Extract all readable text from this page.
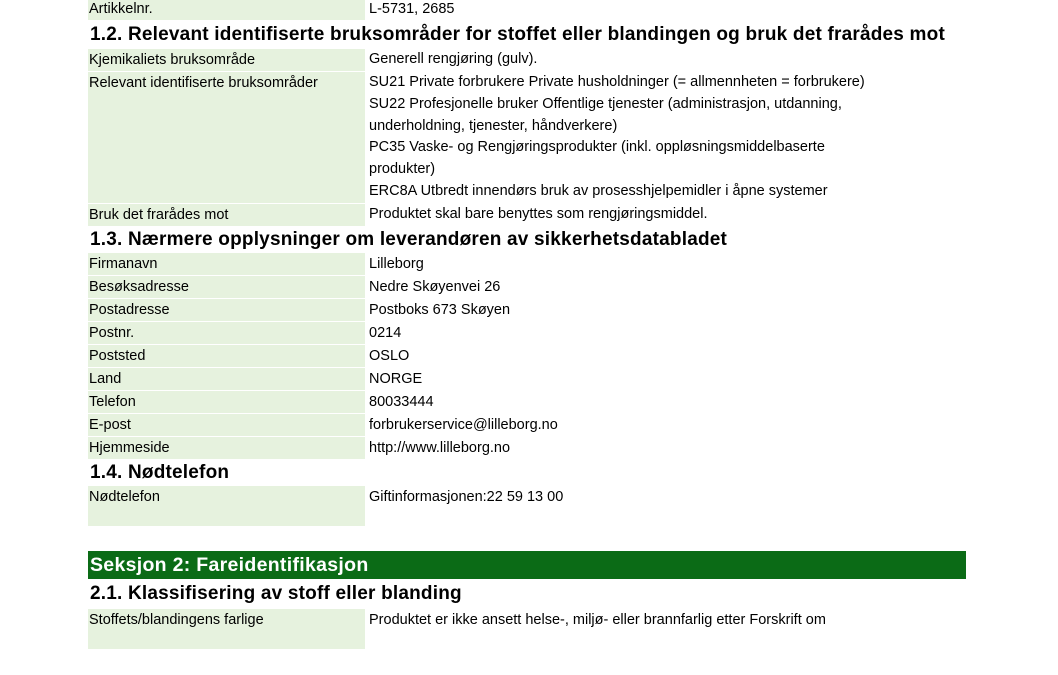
Artikkelnr.	L-5731, 2685
1.2. Relevant identifiserte bruksområder for stoffet eller blandingen og bruk det frarådes mot
Kjemikaliets bruksområde	Generell rengjøring (gulv).
Relevant identifiserte bruksområder	SU21 Private forbrukere Private husholdninger (= allmennheten = forbrukere)
SU22 Profesjonelle bruker Offentlige tjenester (administrasjon, utdanning,
underholdning, tjenester, håndverkere)
PC35 Vaske- og Rengjøringsprodukter (inkl. oppløsningsmiddelbaserte
produkter)
ERC8A Utbredt innendørs bruk av prosesshjelpemidler i åpne systemer
Bruk det frarådes mot	Produktet skal bare benyttes som rengjøringsmiddel.
1.3. Nærmere opplysninger om leverandøren av sikkerhetsdatabladet
Firmanavn	Lilleborg
Besøksadresse	Nedre Skøyenvei 26
Postadresse	Postboks 673 Skøyen
Postnr.	0214
Poststed	OSLO
Land	NORGE
Telefon	80033444
E-post	forbrukerservice@lilleborg.no
Hjemmeside	http://www.lilleborg.no
1.4. Nødtelefon
Nødtelefon	Giftinformasjonen:22 59 13 00
Seksjon 2: Fareidentifikasjon
2.1. Klassifisering av stoff eller blanding
Stoffets/blandingens farlige	Produktet er ikke ansett helse-, miljø- eller brannfarlig etter Forskrift om
